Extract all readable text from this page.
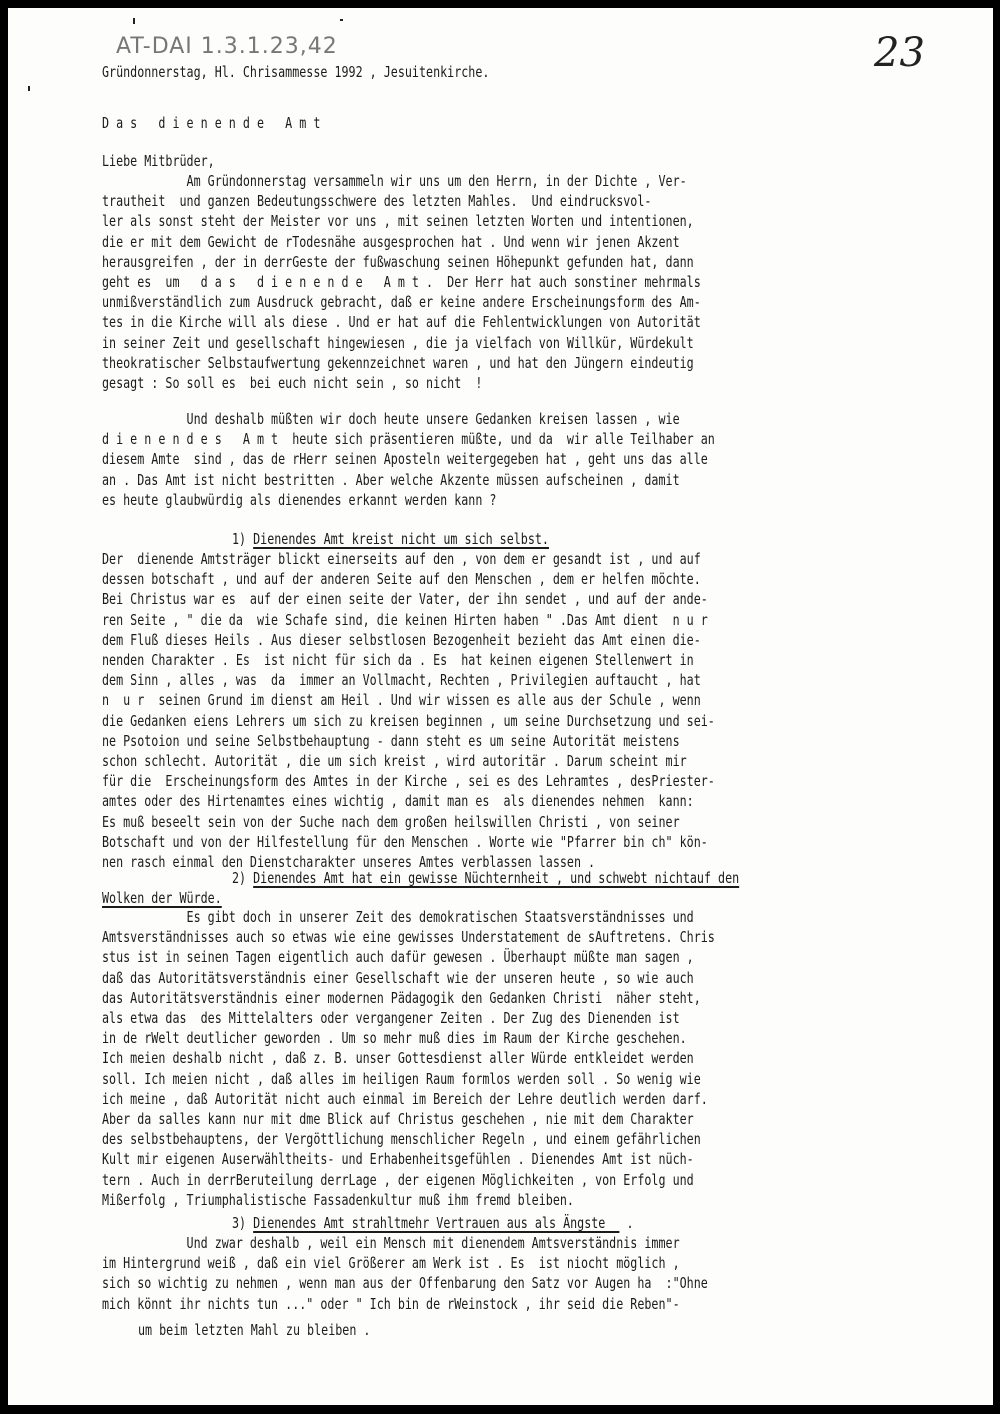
AT-DAI 1.3.1.23,42	23
Gründonnerstag, Hl. Chrisammesse 1992 , Jesuitenkirche.
D a s   d i e n e n d e   A m t
Liebe Mitbrüder,
Am Gründonnerstag versammeln wir uns um den Herrn, in der Dichte , Ver-
trautheit  und ganzen Bedeutungsschwere des letzten Mahles.  Und eindrucksvol-
ler als sonst steht der Meister vor uns , mit seinen letzten Worten und intentionen,
die er mit dem Gewicht de rTodesnähe ausgesprochen hat . Und wenn wir jenen Akzent
herausgreifen , der in derrGeste der fußwaschung seinen Höhepunkt gefunden hat, dann
geht es  um   d a s   d i e n e n d e   A m t .  Der Herr hat auch sonstiner mehrmals
unmißverständlich zum Ausdruck gebracht, daß er keine andere Erscheinungsform des Am-
tes in die Kirche will als diese . Und er hat auf die Fehlentwicklungen von Autorität
in seiner Zeit und gesellschaft hingewiesen , die ja vielfach von Willkür, Würdekult
theokratischer Selbstaufwertung gekennzeichnet waren , und hat den Jüngern eindeutig
gesagt : So soll es  bei euch nicht sein , so nicht  !
Und deshalb müßten wir doch heute unsere Gedanken kreisen lassen , wie
d i e n e n d e s   A m t  heute sich präsentieren müßte, und da  wir alle Teilhaber an
diesem Amte  sind , das de rHerr seinen Aposteln weitergegeben hat , geht uns das alle
an . Das Amt ist nicht bestritten . Aber welche Akzente müssen aufscheinen , damit
es heute glaubwürdig als dienendes erkannt werden kann ?
1) Dienendes Amt kreist nicht um sich selbst.
Der  dienende Amtsträger blickt einerseits auf den , von dem er gesandt ist , und auf
dessen botschaft , und auf der anderen Seite auf den Menschen , dem er helfen möchte.
Bei Christus war es  auf der einen seite der Vater, der ihn sendet , und auf der ande-
ren Seite , " die da  wie Schafe sind, die keinen Hirten haben " .Das Amt dient  n u r
dem Fluß dieses Heils . Aus dieser selbstlosen Bezogenheit bezieht das Amt einen die-
nenden Charakter . Es  ist nicht für sich da . Es  hat keinen eigenen Stellenwert in
dem Sinn , alles , was  da  immer an Vollmacht, Rechten , Privilegien auftaucht , hat
n  u r  seinen Grund im dienst am Heil . Und wir wissen es alle aus der Schule , wenn
die Gedanken eiens Lehrers um sich zu kreisen beginnen , um seine Durchsetzung und sei-
ne Psotoion und seine Selbstbehauptung - dann steht es um seine Autorität meistens
schon schlecht. Autorität , die um sich kreist , wird autoritär . Darum scheint mir
für die  Erscheinungsform des Amtes in der Kirche , sei es des Lehramtes , desPriester-
amtes oder des Hirtenamtes eines wichtig , damit man es  als dienendes nehmen  kann:
Es muß beseelt sein von der Suche nach dem großen heilswillen Christi , von seiner
Botschaft und von der Hilfestellung für den Menschen . Worte wie "Pfarrer bin ch" kön-
nen rasch einmal den Dienstcharakter unseres Amtes verblassen lassen .
2) Dienendes Amt hat ein gewisse Nüchternheit , und schwebt nichtauf den
Wolken der Würde.
Es gibt doch in unserer Zeit des demokratischen Staatsverständnisses und
Amtsverständnisses auch so etwas wie eine gewisses Understatement de sAuftretens. Chris
stus ist in seinen Tagen eigentlich auch dafür gewesen . Überhaupt müßte man sagen ,
daß das Autoritätsverständnis einer Gesellschaft wie der unseren heute , so wie auch
das Autoritätsverständnis einer modernen Pädagogik den Gedanken Christi  näher steht,
als etwa das  des Mittelalters oder vergangener Zeiten . Der Zug des Dienenden ist
in de rWelt deutlicher geworden . Um so mehr muß dies im Raum der Kirche geschehen.
Ich meien deshalb nicht , daß z. B. unser Gottesdienst aller Würde entkleidet werden
soll. Ich meien nicht , daß alles im heiligen Raum formlos werden soll . So wenig wie
ich meine , daß Autorität nicht auch einmal im Bereich der Lehre deutlich werden darf.
Aber da salles kann nur mit dme Blick auf Christus geschehen , nie mit dem Charakter
des selbstbehauptens, der Vergöttlichung menschlicher Regeln , und einem gefährlichen
Kult mir eigenen Auserwähltheits- und Erhabenheitsgefühlen . Dienendes Amt ist nüch-
tern . Auch in derrBeruteilung derrLage , der eigenen Möglichkeiten , von Erfolg und
Mißerfolg , Triumphalistische Fassadenkultur muß ihm fremd bleiben.
3) Dienendes Amt strahltmehr Vertrauen aus als Ängste   .
Und zwar deshalb , weil ein Mensch mit dienendem Amtsverständnis immer
im Hintergrund weiß , daß ein viel Größerer am Werk ist . Es  ist niocht möglich ,
sich so wichtig zu nehmen , wenn man aus der Offenbarung den Satz vor Augen ha  :"Ohne
mich könnt ihr nichts tun ..." oder " Ich bin de rWeinstock , ihr seid die Reben"-
um beim letzten Mahl zu bleiben .
